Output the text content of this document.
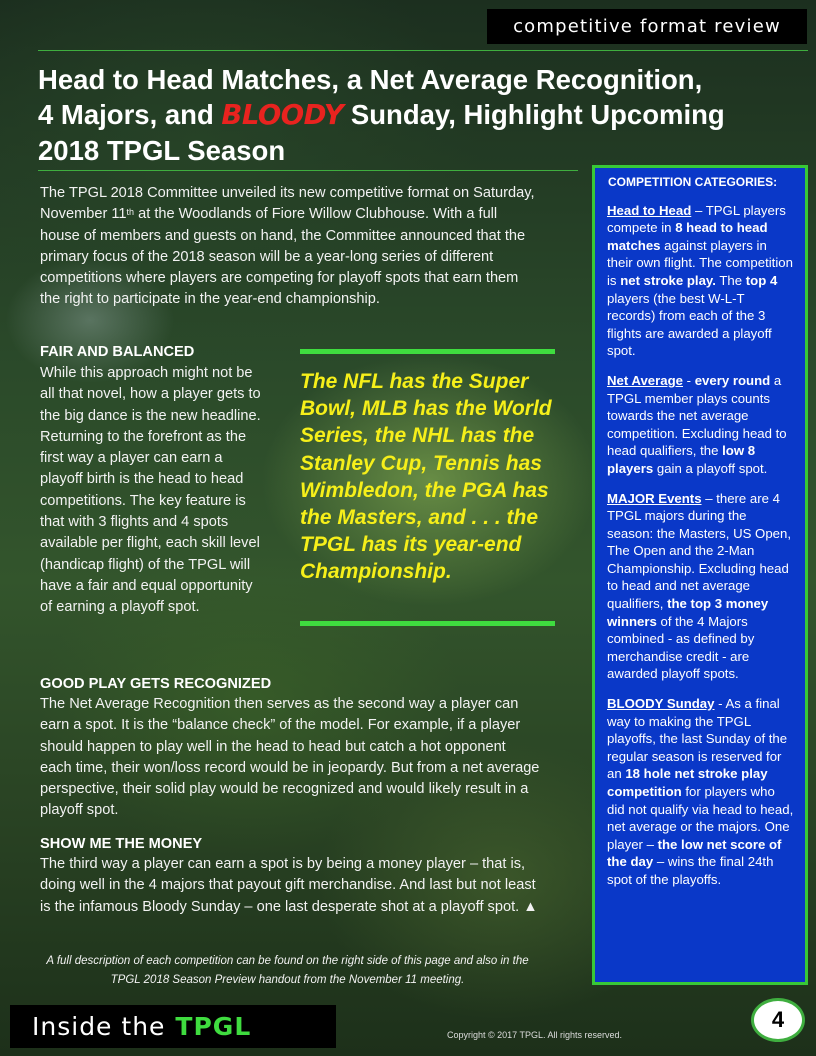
competitive format review
Head to Head Matches, a Net Average Recognition,
4 Majors, and BLOODY Sunday, Highlight Upcoming
2018 TPGL Season

The TPGL 2018 Committee unveiled its new competitive format on Saturday, November 11th at the Woodlands of Fiore Willow Clubhouse. With a full house of members and guests on hand, the Committee announced that the primary focus of the 2018 season will be a year-long series of different competitions where players are competing for playoff spots that earn them the right to participate in the year-end championship.

FAIR AND BALANCED

While this approach might not be all that novel, how a player gets to the big dance is the new headline. Returning to the forefront as the first way a player can earn a playoff birth is the head to head competitions. The key feature is that with 3 flights and 4 spots available per flight, each skill level (handicap flight) of the TPGL will have a fair and equal opportunity of earning a playoff spot.

The NFL has the Super Bowl, MLB has the World Series, the NHL has the Stanley Cup, Tennis has Wimbledon, the PGA has the Masters, and . . . the TPGL has its year-end Championship.

GOOD PLAY GETS RECOGNIZED

The Net Average Recognition then serves as the second way a player can earn a spot. It is the “balance check” of the model. For example, if a player should happen to play well in the head to head but catch a hot opponent each time, their won/loss record would be in jeopardy. But from a net average perspective, their solid play would be recognized and would likely result in a playoff spot.

SHOW ME THE MONEY

The third way a player can earn a spot is by being a money player – that is, doing well in the 4 majors that payout gift merchandise. And last but not least is the infamous Bloody Sunday – one last desperate shot at a playoff spot. ▲

A full description of each competition can be found on the right side of this page and also in the TPGL 2018 Season Preview handout from the November 11 meeting.

COMPETITION CATEGORIES:

Head to Head – TPGL players compete in 8 head to head matches against players in their own flight. The competition is net stroke play. The top 4 players (the best W-L-T records) from each of the 3 flights are awarded a playoff spot.

Net Average - every round a TPGL member plays counts towards the net average competition. Excluding head to head qualifiers, the low 8 players gain a playoff spot.

MAJOR Events – there are 4 TPGL majors during the season: the Masters, US Open, The Open and the 2-Man Championship. Excluding head to head and net average qualifiers, the top 3 money winners of the 4 Majors combined - as defined by merchandise credit - are awarded playoff spots.

BLOODY Sunday - As a final way to making the TPGL playoffs, the last Sunday of the regular season is reserved for an 18 hole net stroke play competition for players who did not qualify via head to head, net average or the majors. One player – the low net score of the day – wins the final 24th spot of the playoffs.

Inside the TPGL	Copyright © 2017 TPGL. All rights reserved.
4
